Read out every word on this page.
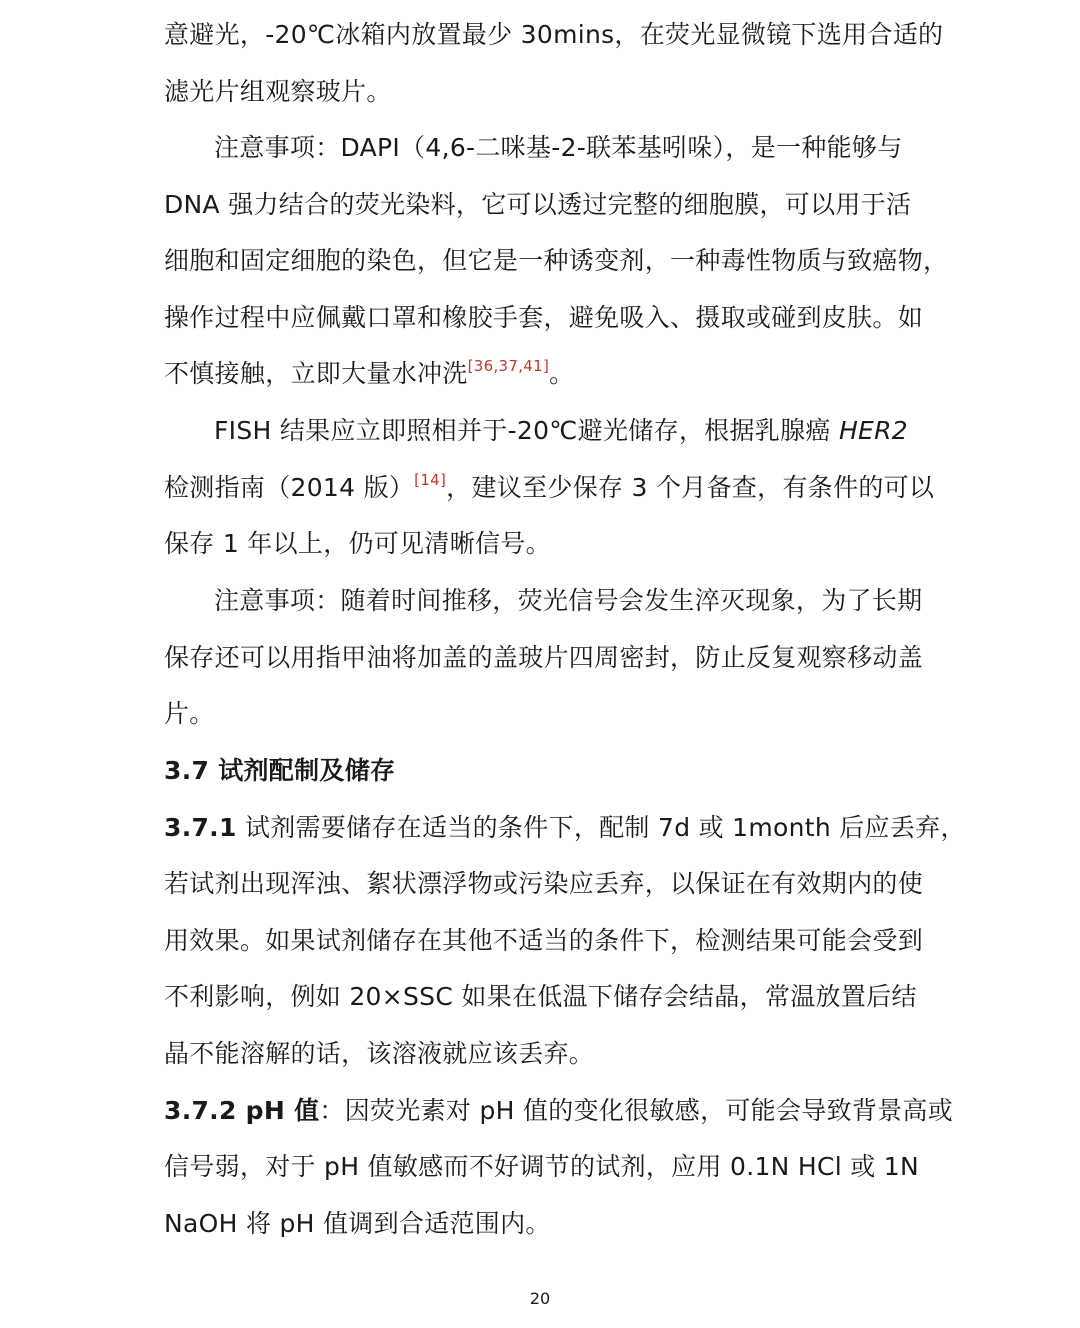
意避光，-20℃冰箱内放置最少 30mins，在荧光显微镜下选用合适的
滤光片组观察玻片。
注意事项：DAPI（4,6-二咪基-2-联苯基吲哚），是一种能够与
DNA 强力结合的荧光染料，它可以透过完整的细胞膜，可以用于活
细胞和固定细胞的染色，但它是一种诱变剂，一种毒性物质与致癌物，
操作过程中应佩戴口罩和橡胶手套，避免吸入、摄取或碰到皮肤。如
不慎接触，立即大量水冲洗[36,37,41]。
FISH 结果应立即照相并于-20℃避光储存，根据乳腺癌 HER2
检测指南（2014 版）[14]，建议至少保存 3 个月备查，有条件的可以
保存 1 年以上，仍可见清晰信号。
注意事项：随着时间推移，荧光信号会发生淬灭现象，为了长期
保存还可以用指甲油将加盖的盖玻片四周密封，防止反复观察移动盖
片。
3.7 试剂配制及储存
3.7.1 试剂需要储存在适当的条件下，配制 7d 或 1month 后应丢弃，
若试剂出现浑浊、絮状漂浮物或污染应丢弃，以保证在有效期内的使
用效果。如果试剂储存在其他不适当的条件下，检测结果可能会受到
不利影响，例如 20×SSC 如果在低温下储存会结晶，常温放置后结
晶不能溶解的话，该溶液就应该丢弃。
3.7.2 pH 值：因荧光素对 pH 值的变化很敏感，可能会导致背景高或
信号弱，对于 pH 值敏感而不好调节的试剂，应用 0.1N HCl 或 1N
NaOH 将 pH 值调到合适范围内。
20
